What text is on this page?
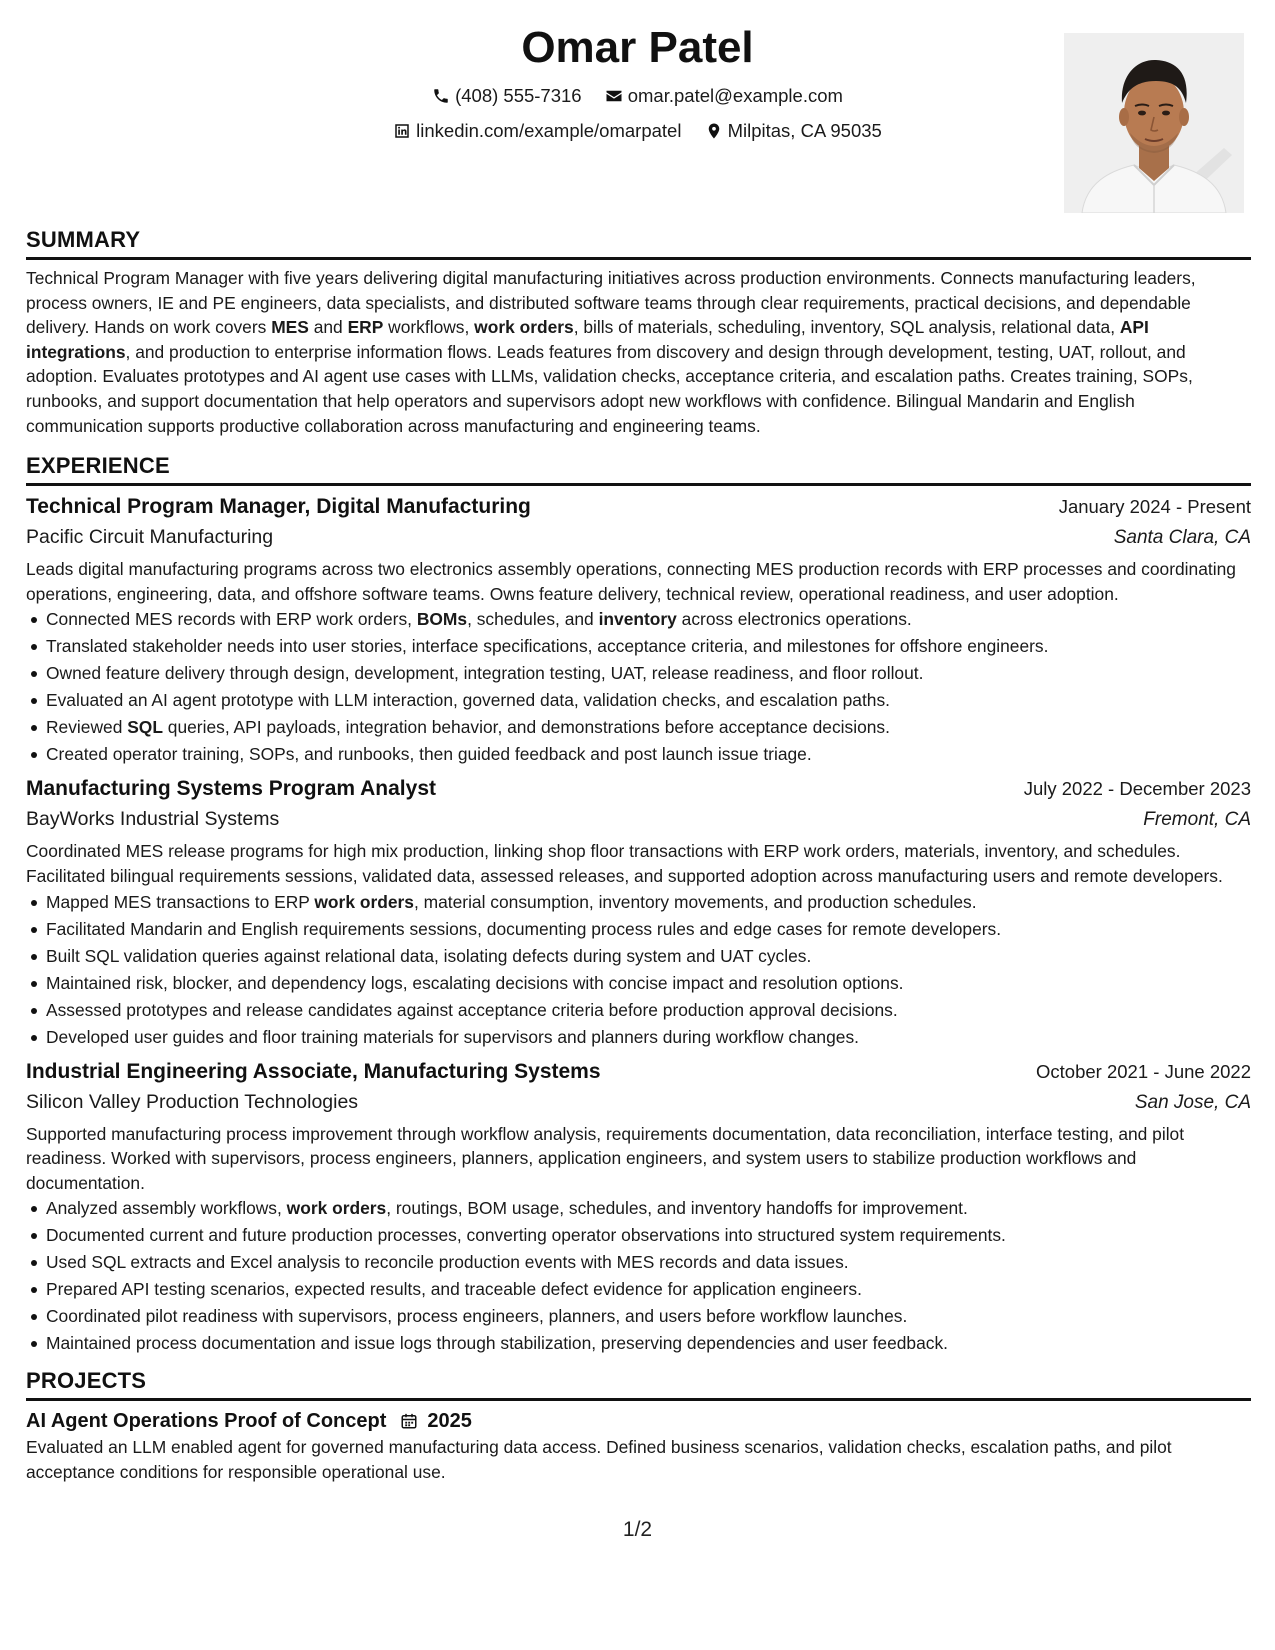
Omar Patel
(408) 555-7316
omar.patel@example.com
linkedin.com/example/omarpatel
Milpitas, CA 95035
SUMMARY

Technical Program Manager with five years delivering digital manufacturing initiatives across production environments. Connects manufacturing leaders, process owners, IE and PE engineers, data specialists, and distributed software teams through clear requirements, practical decisions, and dependable delivery. Hands on work covers MES and ERP workflows, work orders, bills of materials, scheduling, inventory, SQL analysis, relational data, API integrations, and production to enterprise information flows. Leads features from discovery and design through development, testing, UAT, rollout, and adoption. Evaluates prototypes and AI agent use cases with LLMs, validation checks, acceptance criteria, and escalation paths. Creates training, SOPs, runbooks, and support documentation that help operators and supervisors adopt new workflows with confidence. Bilingual Mandarin and English communication supports productive collaboration across manufacturing and engineering teams.

EXPERIENCE
Technical Program Manager, Digital Manufacturing	January 2024 - Present
Pacific Circuit Manufacturing	Santa Clara, CA

Leads digital manufacturing programs across two electronics assembly operations, connecting MES production records with ERP processes and coordinating operations, engineering, data, and offshore software teams. Owns feature delivery, technical review, operational readiness, and user adoption.

Connected MES records with ERP work orders, BOMs, schedules, and inventory across electronics operations.
Translated stakeholder needs into user stories, interface specifications, acceptance criteria, and milestones for offshore engineers.
Owned feature delivery through design, development, integration testing, UAT, release readiness, and floor rollout.
Evaluated an AI agent prototype with LLM interaction, governed data, validation checks, and escalation paths.
Reviewed SQL queries, API payloads, integration behavior, and demonstrations before acceptance decisions.
Created operator training, SOPs, and runbooks, then guided feedback and post launch issue triage.
Manufacturing Systems Program Analyst	July 2022 - December 2023
BayWorks Industrial Systems	Fremont, CA

Coordinated MES release programs for high mix production, linking shop floor transactions with ERP work orders, materials, inventory, and schedules. Facilitated bilingual requirements sessions, validated data, assessed releases, and supported adoption across manufacturing users and remote developers.

Mapped MES transactions to ERP work orders, material consumption, inventory movements, and production schedules.
Facilitated Mandarin and English requirements sessions, documenting process rules and edge cases for remote developers.
Built SQL validation queries against relational data, isolating defects during system and UAT cycles.
Maintained risk, blocker, and dependency logs, escalating decisions with concise impact and resolution options.
Assessed prototypes and release candidates against acceptance criteria before production approval decisions.
Developed user guides and floor training materials for supervisors and planners during workflow changes.
Industrial Engineering Associate, Manufacturing Systems	October 2021 - June 2022
Silicon Valley Production Technologies	San Jose, CA

Supported manufacturing process improvement through workflow analysis, requirements documentation, data reconciliation, interface testing, and pilot readiness. Worked with supervisors, process engineers, planners, application engineers, and system users to stabilize production workflows and documentation.

Analyzed assembly workflows, work orders, routings, BOM usage, schedules, and inventory handoffs for improvement.
Documented current and future production processes, converting operator observations into structured system requirements.
Used SQL extracts and Excel analysis to reconcile production events with MES records and data issues.
Prepared API testing scenarios, expected results, and traceable defect evidence for application engineers.
Coordinated pilot readiness with supervisors, process engineers, planners, and users before workflow launches.
Maintained process documentation and issue logs through stabilization, preserving dependencies and user feedback.
PROJECTS
AI Agent Operations Proof of Concept 2025

Evaluated an LLM enabled agent for governed manufacturing data access. Defined business scenarios, validation checks, escalation paths, and pilot acceptance conditions for responsible operational use.

1/2
